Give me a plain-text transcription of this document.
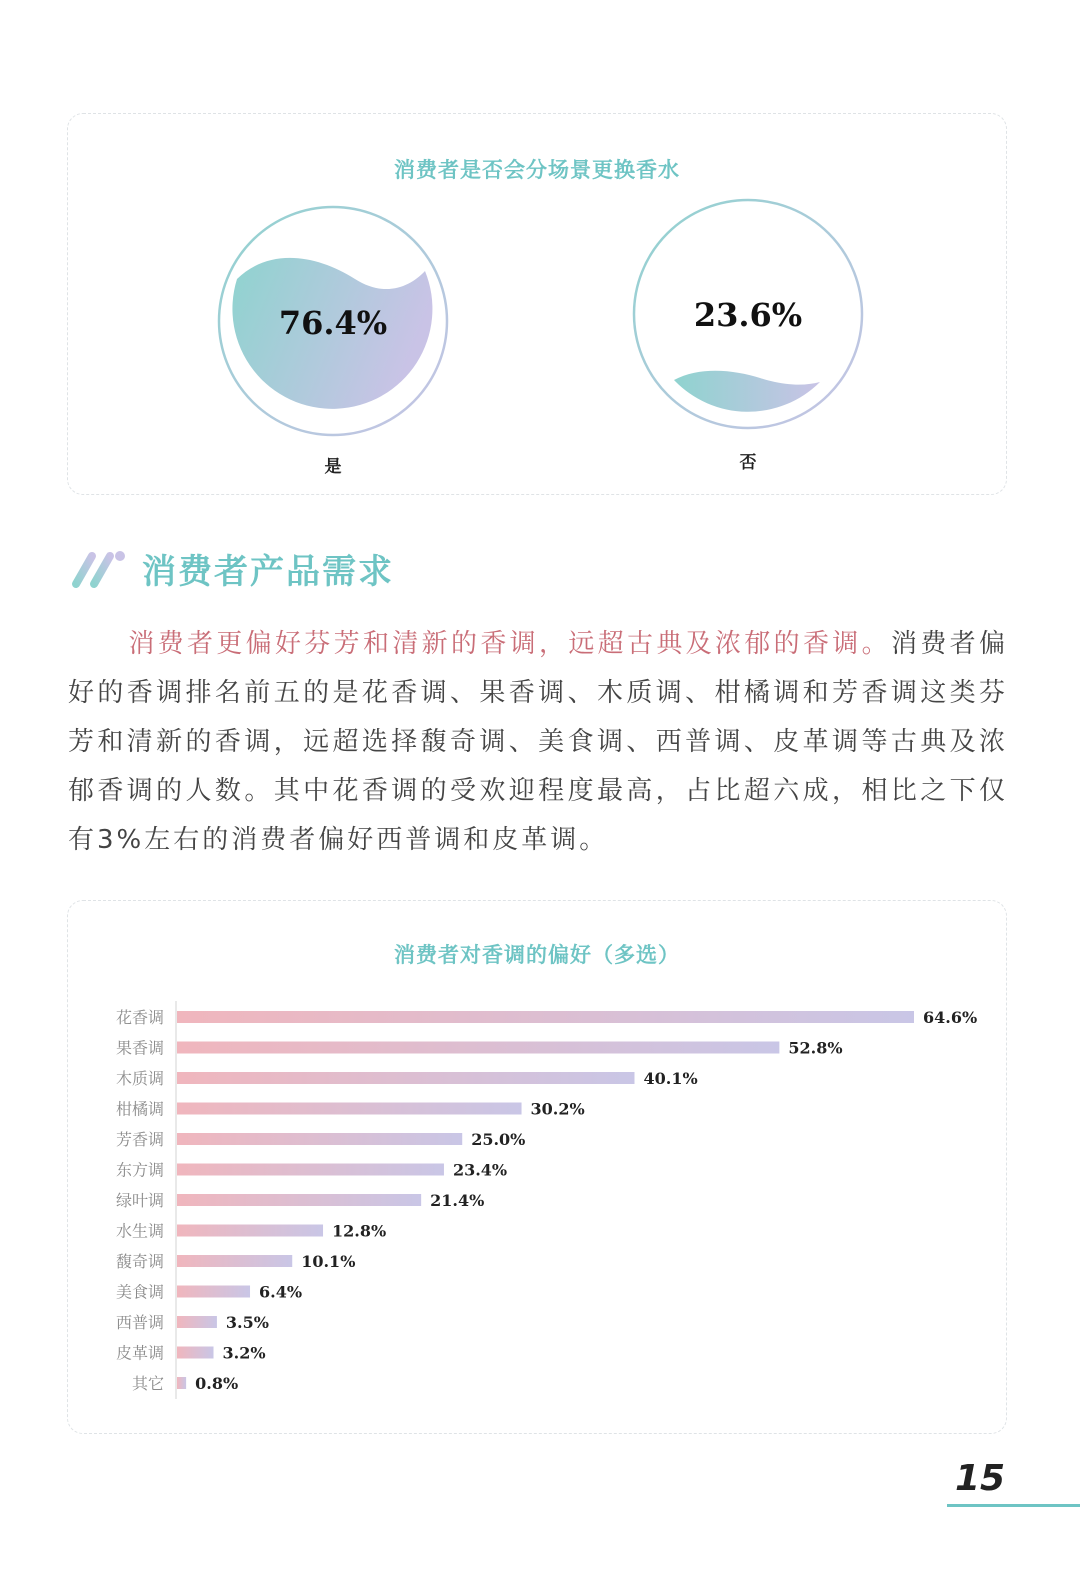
消费者是否会分场景更换香水
76.4%
是
23.6%
否
消费者产品需求
消费者更偏好芬芳和清新的香调，远超古典及浓郁的香调。消费者偏好的香调排名前五的是花香调、果香调、木质调、柑橘调和芳香调这类芬芳和清新的香调，远超选择馥奇调、美食调、西普调、皮革调等古典及浓郁香调的人数。其中花香调的受欢迎程度最高，占比超六成，相比之下仅有3%左右的消费者偏好西普调和皮革调。
消费者对香调的偏好（多选）
花香调	64.6%
果香调	52.8%
木质调	40.1%
柑橘调	30.2%
芳香调	25.0%
东方调	23.4%
绿叶调	21.4%
水生调	12.8%
馥奇调	10.1%
美食调	6.4%
西普调	3.5%
皮革调	3.2%
其它 0.8%
15
